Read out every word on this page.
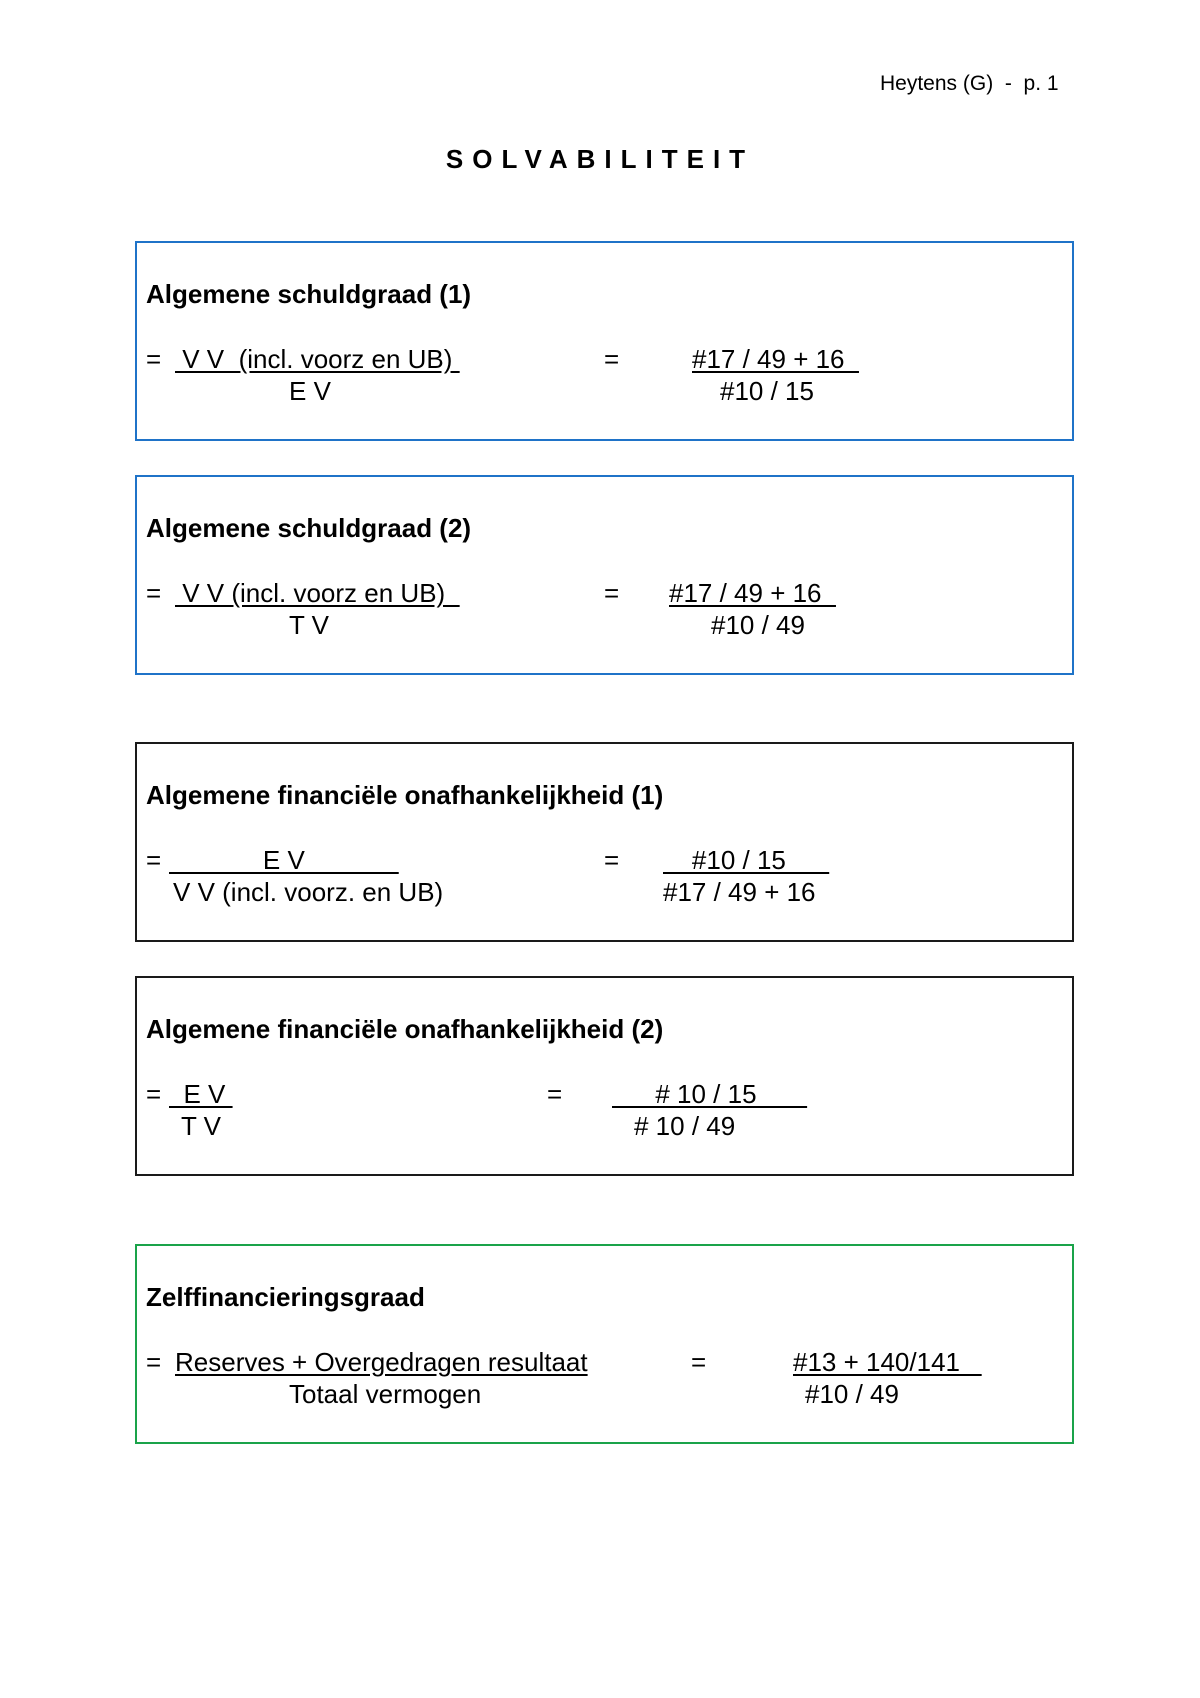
Heytens (G)  -  p. 1
SOLVABILITEIT
Algemene schuldgraad (1)
= V V  (incl. voorz en UB)
E V
=	#17 / 49 + 16
#10 / 15
Algemene schuldgraad (2)
= V V (incl. voorz en UB)
T V
= #17 / 49 + 16
#10 / 49
Algemene financiële onafhankelijkheid (1)
= E V
V V (incl. voorz. en UB)
= #10 / 15
#17 / 49 + 16
Algemene financiële onafhankelijkheid (2)
= E V
T V
= # 10 / 15
# 10 / 49
Zelffinancieringsgraad
= Reserves + Overgedragen resultaat
Totaal vermogen
=	#13 + 140/141
#10 / 49
